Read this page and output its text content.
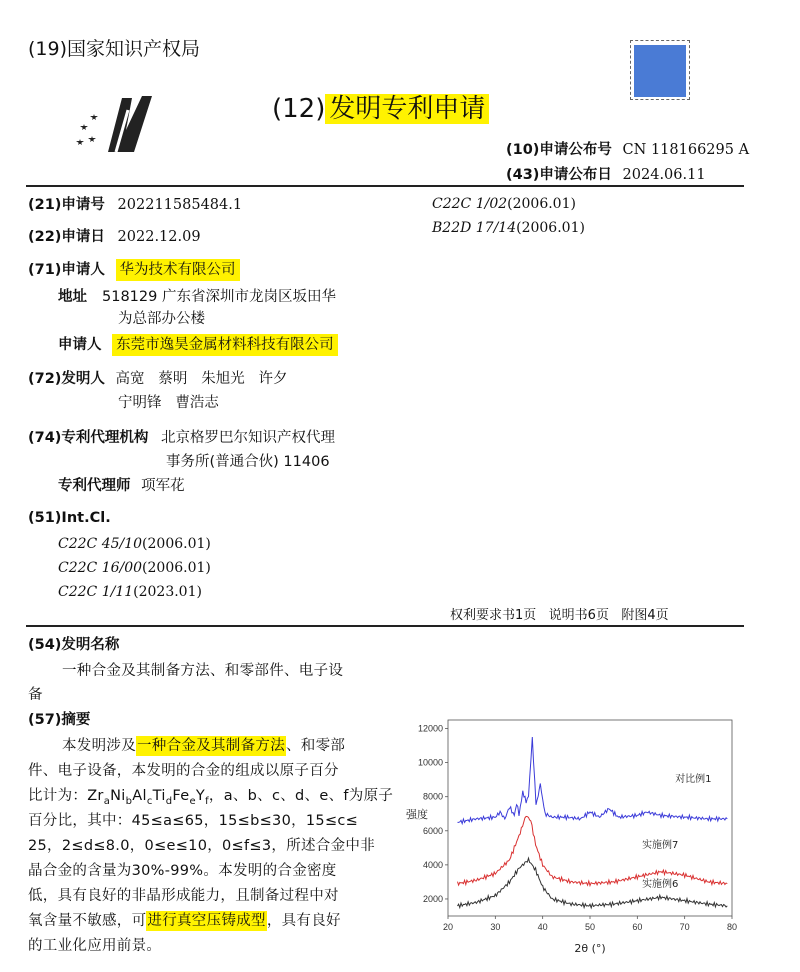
(19)国家知识产权局
(12) 发明专利申请
(10)申请公布号 CN 118166295 A
(43)申请公布日 2024.06.11
(21)申请号 202211585484.1
(22)申请日 2022.12.09
(71)申请人 华为技术有限公司
地址 518129 广东省深圳市龙岗区坂田华
为总部办公楼
申请人 东莞市逸昊金属材料科技有限公司
(72)发明人 高宽   蔡明   朱旭光   许夕
宁明锋   曹浩志
(74)专利代理机构 北京格罗巴尔知识产权代理
事务所(普通合伙) 11406
专利代理师 项军花
(51)Int.Cl.
C22C 45/10(2006.01)
C22C 16/00(2006.01)
C22C 1/11(2023.01)
C22C 1/02(2006.01)
B22D 17/14(2006.01)
权利要求书1页   说明书6页   附图4页
(54)发明名称
一种合金及其制备方法、和零部件、电子设
备
(57)摘要
本发明涉及一种合金及其制备方法、和零部
件、电子设备，本发明的合金的组成以原子百分
比计为：$Zr_aNi_bAl_cTi_dFe_eY_f$，a、b、c、d、e、f为原子
百分比，其中：45≤a≤65，15≤b≤30，15≤c≤
25，2≤d≤8.0，0≤e≤10，0≤f≤3，所述合金中非
晶合金的含量为30%-99%。本发明的合金密度
低，具有良好的非晶形成能力，且制备过程中对
氧含量不敏感，可进行真空压铸成型，具有良好
的工业化应用前景。
20	30	40	50	60	70	80
2000
4000
6000
8000
10000
12000
2θ (°)
强度
对比例1
实施例7
实施例6
